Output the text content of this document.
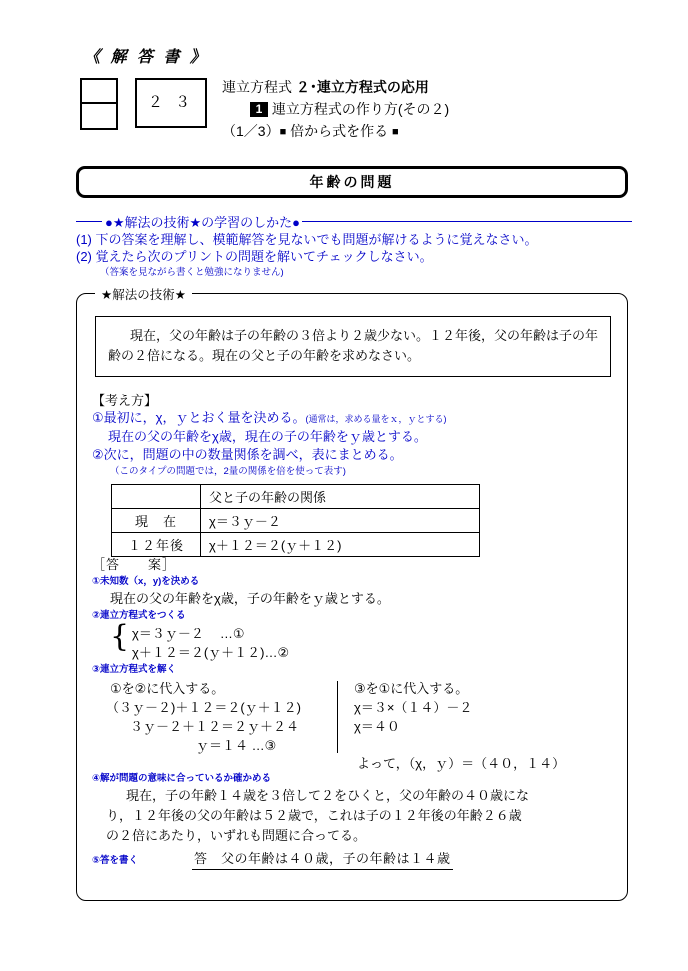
《 解 答 書 》
２ ３
連立方程式 ２･連立方程式の応用
1 連立方程式の作り方(その２)
（1／3）■ 倍から式を作る ■
年齢の問題
●★解法の技術★の学習のしかた●
(1) 下の答案を理解し、模範解答を見ないでも問題が解けるように覚えなさい。
(2) 覚えたら次のプリントの問題を解いてチェックしなさい。
（答案を見ながら書くと勉強になりません)
★解法の技術★

現在，父の年齢は子の年齢の３倍より２歳少ない。１２年後，父の年齢は子の年齢の２倍になる。現在の父と子の年齢を求めなさい。

【考え方】
①最初に，χ，ｙとおく量を決める。(通常は，求める量をｘ，ｙとする)
現在の父の年齢をχ歳，現在の子の年齢をｙ歳とする。
②次に，問題の中の数量関係を調べ，表にまとめる。
（このタイプの問題では，2量の関係を倍を使って表す)
	父と子の年齢の関係
現　在	χ＝３ｙ－２
１２年後	χ＋１２＝２(ｙ＋１２)
［答　　案］
①未知数（x，y)を決める
現在の父の年齢をχ歳，子の年齢をｙ歳とする。
②連立方程式をつくる
{ χ＝３ｙ－２ …①
χ＋１２＝２(ｙ＋１２)…②
③連立方程式を解く
①を②に代入する。
（３ｙ－２)＋１２＝２(ｙ＋１２)
３ｙ－２＋１２＝２ｙ＋２４
ｙ＝１４ …③
③を①に代入する。
χ＝３×（１４）－２
χ＝４０
よって，（χ，ｙ）＝（４０，１４）
④解が問題の意味に合っているか確かめる
現在，子の年齢１４歳を３倍して２をひくと，父の年齢の４０歳にな
り，１２年後の父の年齢は５２歳で，これは子の１２年後の年齢２６歳
の２倍にあたり，いずれも問題に合ってる。
⑤答を書く	答　父の年齢は４０歳，子の年齢は１４歳
